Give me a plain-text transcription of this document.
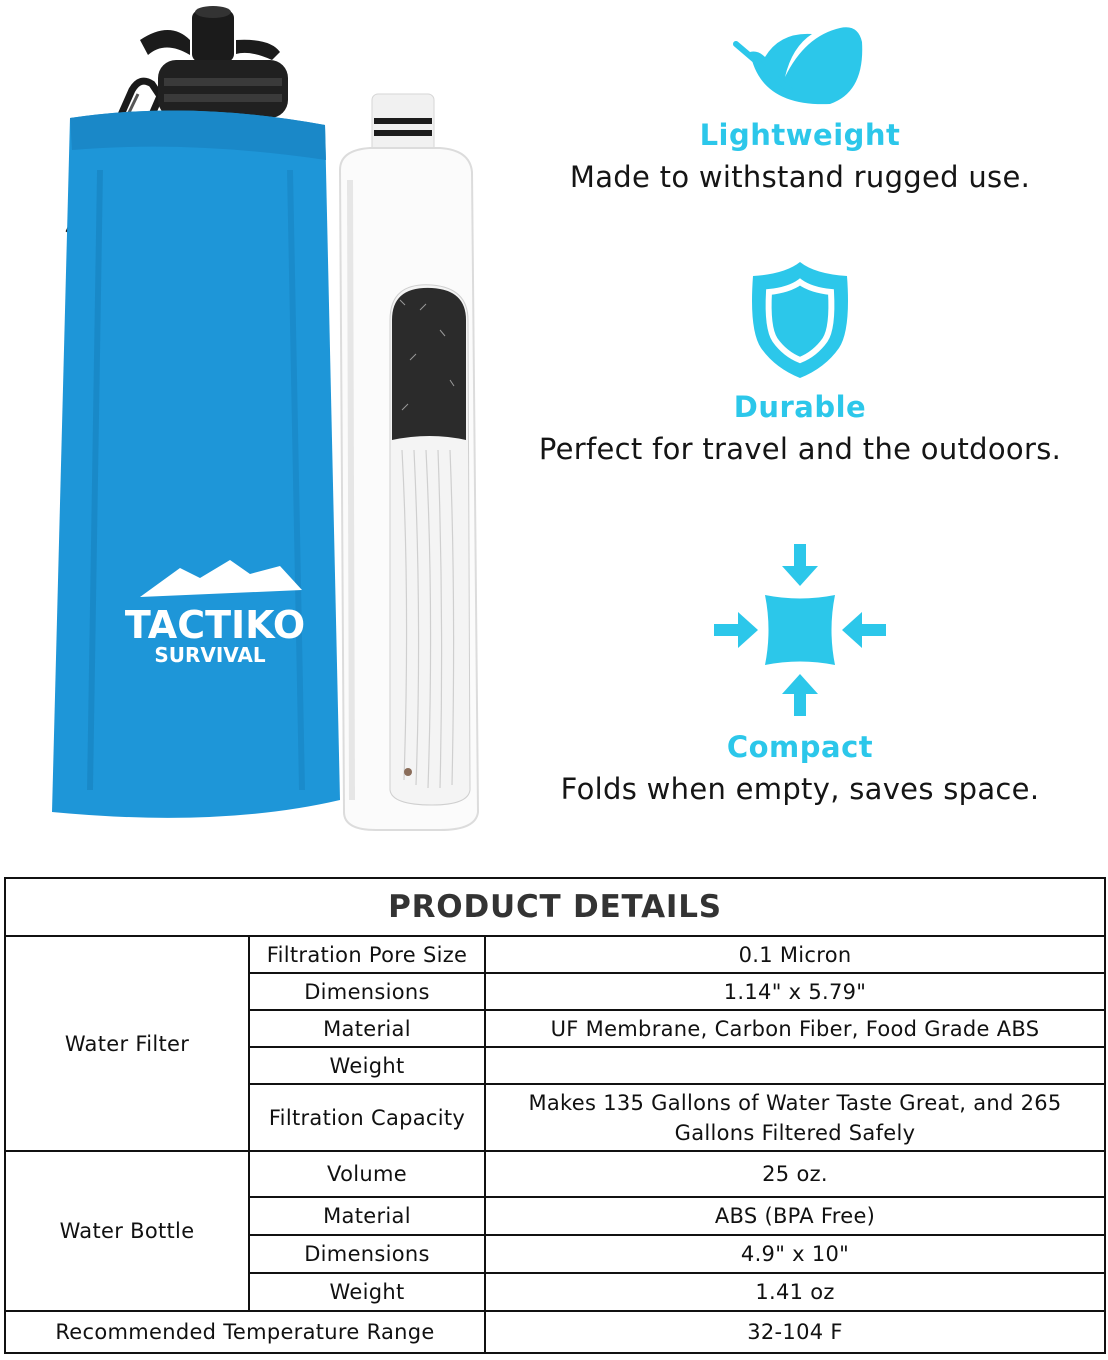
TACTIKO
SURVIVAL
Lightweight
Made to withstand rugged use.
Durable
Perfect for travel and the outdoors.
Compact
Folds when empty, saves space.
PRODUCT DETAILS		
Water Filter	Filtration Pore Size	0.1 Micron
	Dimensions	1.14" x 5.79"
	Material	UF Membrane, Carbon Fiber, Food Grade ABS
	Weight	
	Filtration Capacity	Makes 135 Gallons of Water Taste Great, and 265
Gallons Filtered Safely

Water Bottle	Volume	25 oz.
	Material	ABS (BPA Free)
	Dimensions	4.9" x 10"
	Weight	1.41 oz
Recommended Temperature Range		32-104 F
